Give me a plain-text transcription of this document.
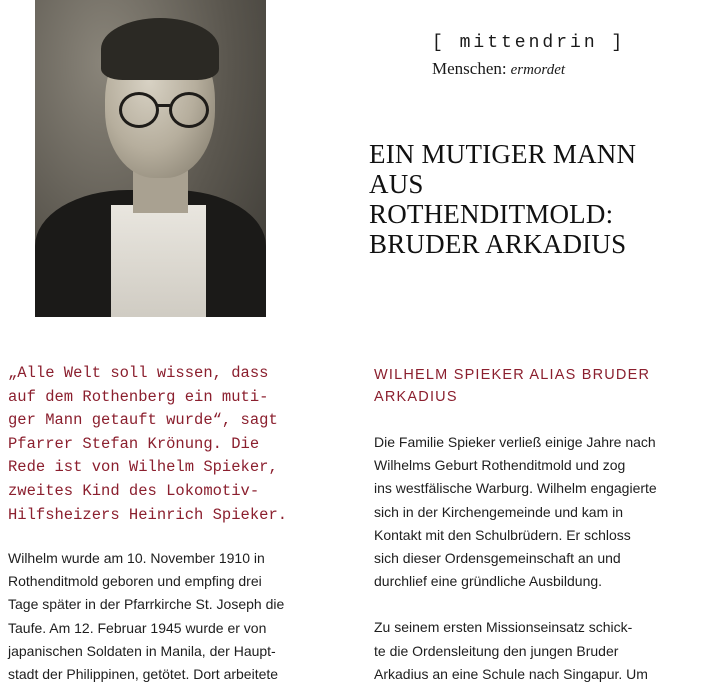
[ mittendrin ]
Menschen: ermordet
EIN MUTIGER MANN
AUS
ROTHENDITMOLD:
BRUDER ARKADIUS
„Alle Welt soll wissen, dass
auf dem Rothenberg ein muti-
ger Mann getauft wurde“, sagt
Pfarrer Stefan Krönung. Die
Rede ist von Wilhelm Spieker,
zweites Kind des Lokomotiv-
Hilfsheizers Heinrich Spieker.
Wilhelm wurde am 10. November 1910 in
Rothenditmold geboren und empfing drei
Tage später in der Pfarrkirche St. Joseph die
Taufe. Am 12. Februar 1945 wurde er von
japanischen Soldaten in Manila, der Haupt-
stadt der Philippinen, getötet. Dort arbeitete
WILHELM SPIEKER ALIAS BRUDER
ARKADIUS
Die Familie Spieker verließ einige Jahre nach
Wilhelms Geburt Rothenditmold und zog
ins westfälische Warburg. Wilhelm engagierte
sich in der Kirchengemeinde und kam in
Kontakt mit den Schulbrüdern. Er schloss
sich dieser Ordensgemeinschaft an und
durchlief eine gründliche Ausbildung.
Zu seinem ersten Missionseinsatz schick-
te die Ordensleitung den jungen Bruder
Arkadius an eine Schule nach Singapur. Um
